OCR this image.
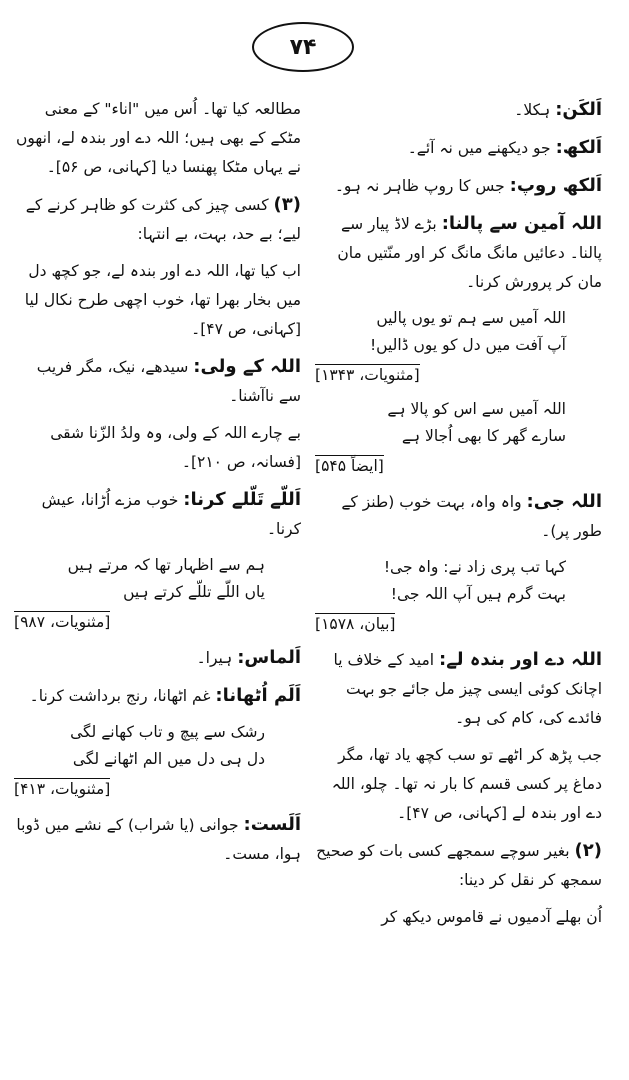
۷۴
اَلکَن: ہکلا۔
اَلکھ: جو دیکھنے میں نہ آئے۔
اَلکھ روپ: جس کا روپ ظاہر نہ ہو۔
اللہ آمین سے پالنا: بڑے لاڈ پیار سے پالنا۔ دعائیں مانگ مانگ کر اور منّتیں مان مان کر پرورش کرنا۔
اللہ آمیں سے ہم تو یوں پالیں
آپ آفت میں دل کو یوں ڈالیں!
[مثنویات، ۱۳۴۳]
اللہ آمیں سے اس کو پالا ہے
سارے گھر کا بھی اُجالا ہے
[ایضاً ۵۴۵]
اللہ جی: واہ واہ، بہت خوب (طنز کے طور پر)۔
کہا تب پری زاد نے: واہ جی!
بہت گرم ہیں آپ اللہ جی!
[بیان، ۱۵۷۸]
اللہ دے اور بندہ لے: امید کے خلاف یا اچانک کوئی ایسی چیز مل جائے جو بہت فائدے کی، کام کی ہو۔
جب پڑھ کر اٹھے تو سب کچھ یاد تھا، مگر دماغ پر کسی قسم کا بار نہ تھا۔ چلو، اللہ دے اور بندہ لے [کہانی، ص ۴۷]۔
(۲) بغیر سوچے سمجھے کسی بات کو صحیح سمجھ کر نقل کر دینا:
اُن بھلے آدمیوں نے قاموس دیکھ کر
مطالعہ کیا تھا۔ اُس میں "اناء" کے معنی مٹکے کے بھی ہیں؛ اللہ دے اور بندہ لے، انھوں نے یہاں مٹکا پھنسا دیا [کہانی، ص ۵۶]۔
(۳) کسی چیز کی کثرت کو ظاہر کرنے کے لیے؛ بے حد، بہت، بے انتہا:
اب کیا تھا، اللہ دے اور بندہ لے، جو کچھ دل میں بخار بھرا تھا، خوب اچھی طرح نکال لیا [کہانی، ص ۴۷]۔
اللہ کے ولی: سیدھے، نیک، مگر فریب سے ناآشنا۔
بے چارے اللہ کے ولی، وہ ولدُ الزّنا شقی [فسانہ، ص ۲۱۰]۔
اَللّے تَلّلے کرنا: خوب مزے اُڑانا، عیش کرنا۔
ہم سے اظہار تھا کہ مرتے ہیں
یاں اللّے تللّے کرتے ہیں
[مثنویات، ۹۸۷]
اَلماس: ہیرا۔
اَلَم اُٹھانا: غم اٹھانا، رنج برداشت کرنا۔
رشک سے پیچ و تاب کھانے لگی
دل ہی دل میں الم اٹھانے لگی
[مثنویات، ۴۱۳]
اَلَست: جوانی (یا شراب) کے نشے میں ڈوبا ہوا، مست۔
